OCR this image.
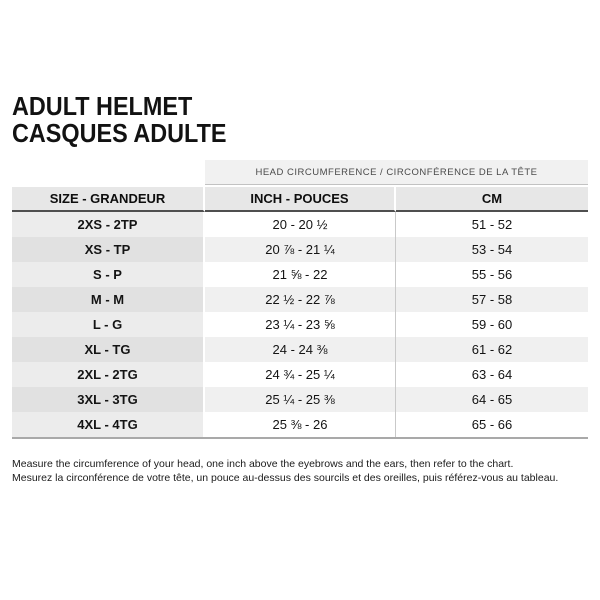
ADULT HELMET
CASQUES ADULTE
HEAD CIRCUMFERENCE / CIRCONFÉRENCE DE LA TÊTE
SIZE - GRANDEUR	INCH - POUCES	CM
2XS - 2TP	20 - 20 ½	51 - 52
XS - TP	20 ⅞ - 21 ¼	53 - 54
S - P	21 ⅝ - 22	55 - 56
M - M	22 ½ - 22 ⅞	57 - 58
L - G	23 ¼ - 23 ⅝	59 - 60
XL - TG	24 - 24 ⅜	61 - 62
2XL - 2TG	24 ¾ - 25 ¼	63 - 64
3XL - 3TG	25 ¼ - 25 ⅜	64 - 65
4XL - 4TG	25 ⅜ - 26	65 - 66

Measure the circumference of your head, one inch above the eyebrows and the ears, then refer to the chart.

Mesurez la circonférence de votre tête, un pouce au-dessus des sourcils et des oreilles, puis référez-vous au tableau.
